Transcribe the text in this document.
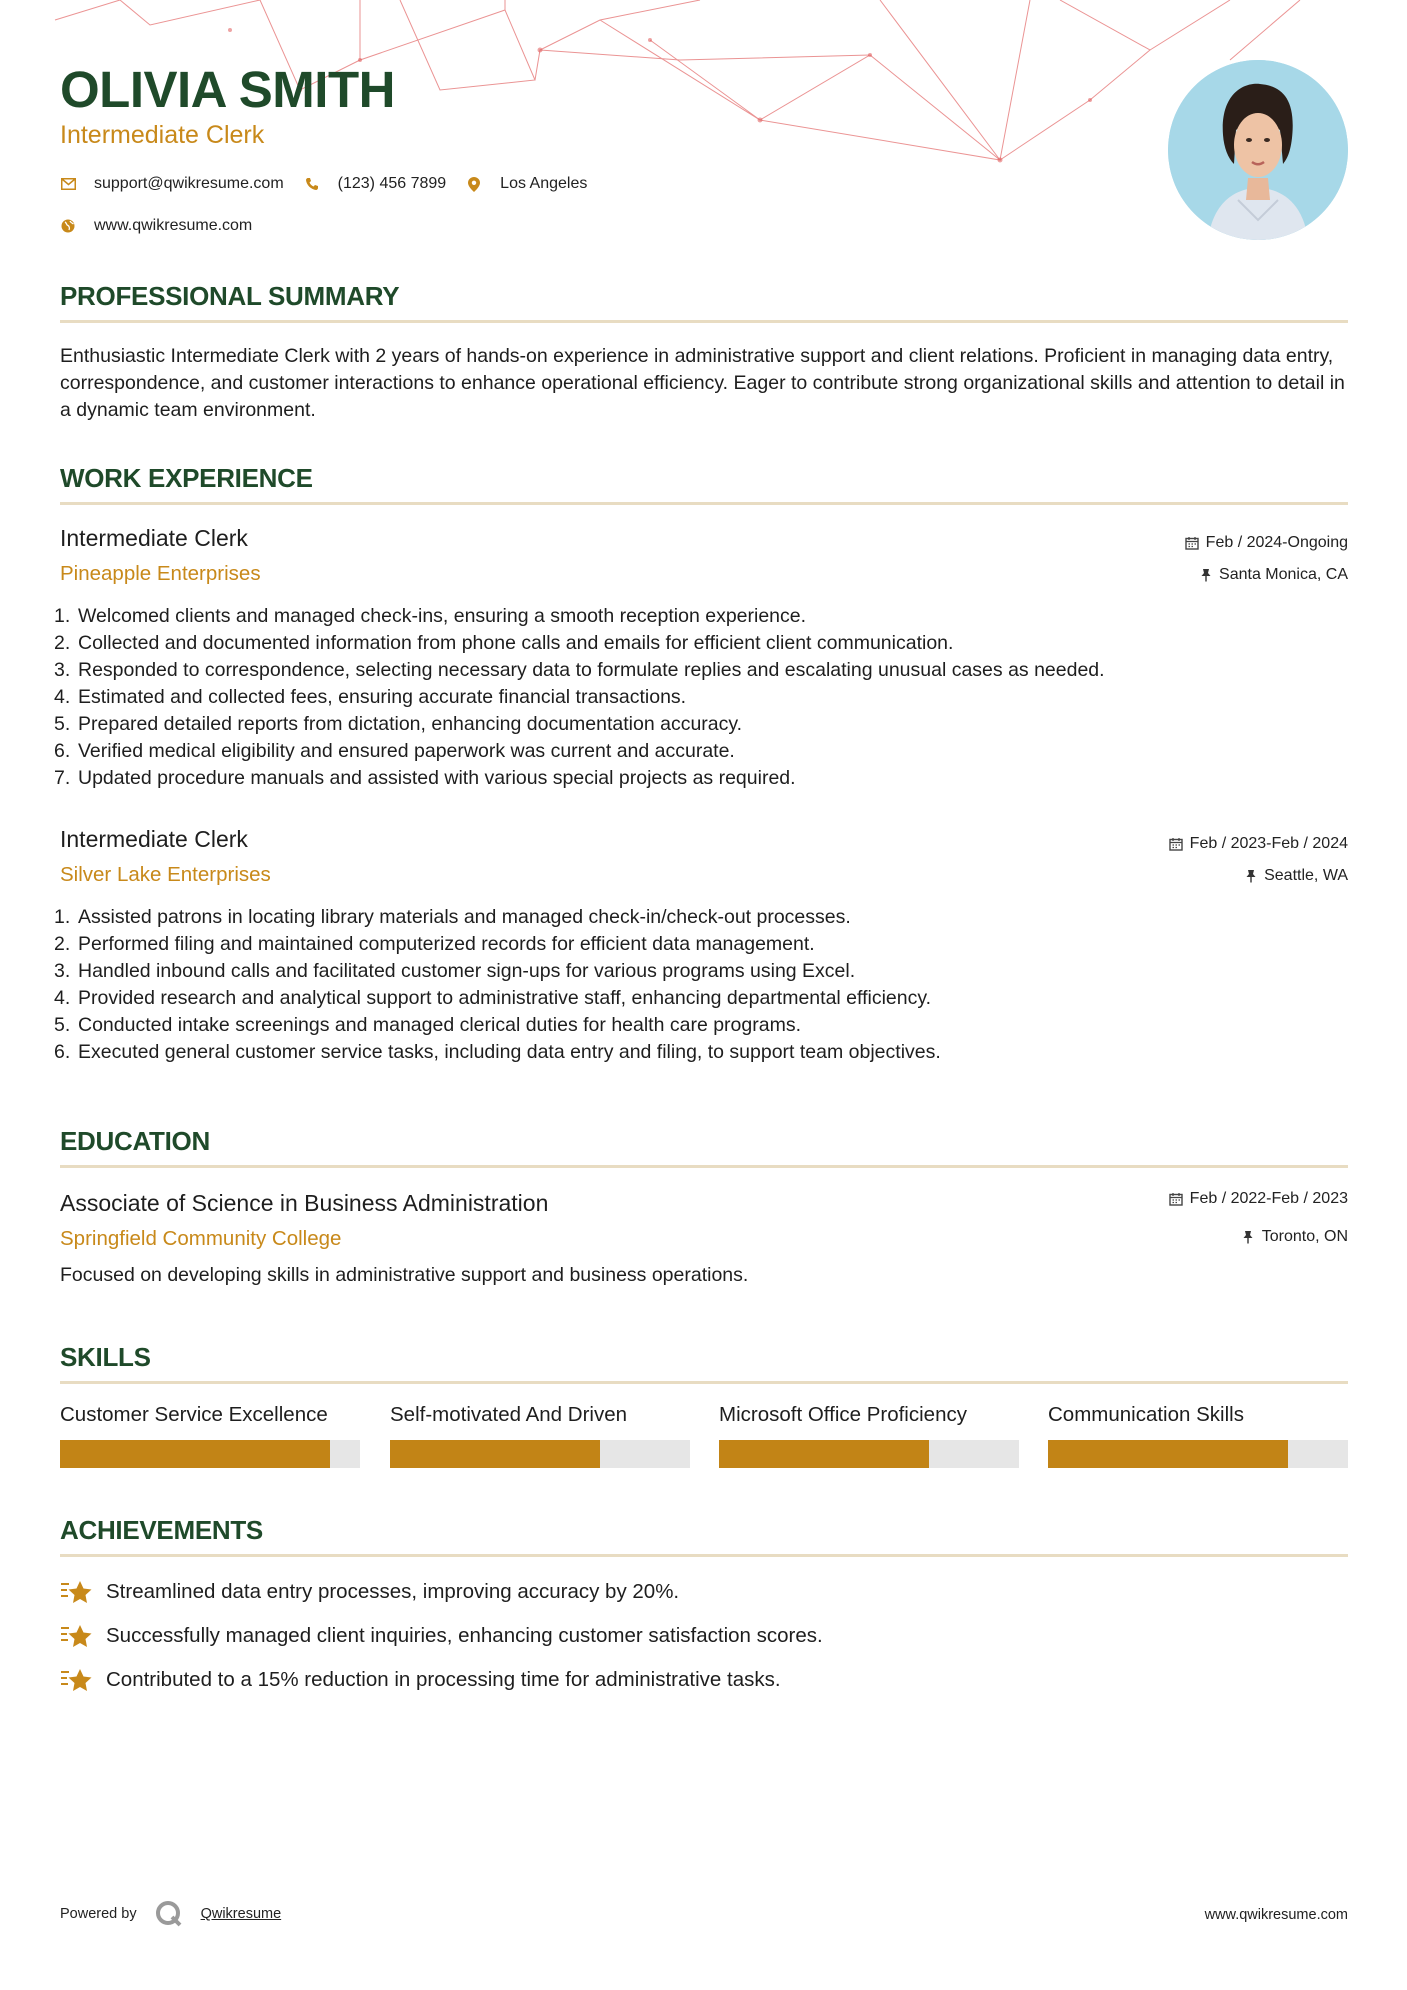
OLIVIA SMITH
Intermediate Clerk
support@qwikresume.com	(123) 456 7899	Los Angeles
www.qwikresume.com
PROFESSIONAL SUMMARY

Enthusiastic Intermediate Clerk with 2 years of hands-on experience in administrative support and client relations. Proficient in managing data entry, correspondence, and customer interactions to enhance operational efficiency. Eager to contribute strong organizational skills and attention to detail in a dynamic team environment.

WORK EXPERIENCE
Intermediate Clerk
Pineapple Enterprises
Feb / 2024-Ongoing
Santa Monica, CA
1. Welcomed clients and managed check-ins, ensuring a smooth reception experience.
2. Collected and documented information from phone calls and emails for efficient client communication.
3. Responded to correspondence, selecting necessary data to formulate replies and escalating unusual cases as needed.
4. Estimated and collected fees, ensuring accurate financial transactions.
5. Prepared detailed reports from dictation, enhancing documentation accuracy.
6. Verified medical eligibility and ensured paperwork was current and accurate.
7. Updated procedure manuals and assisted with various special projects as required.
Intermediate Clerk
Silver Lake Enterprises
Feb / 2023-Feb / 2024
Seattle, WA
1. Assisted patrons in locating library materials and managed check-in/check-out processes.
2. Performed filing and maintained computerized records for efficient data management.
3. Handled inbound calls and facilitated customer sign-ups for various programs using Excel.
4. Provided research and analytical support to administrative staff, enhancing departmental efficiency.
5. Conducted intake screenings and managed clerical duties for health care programs.
6. Executed general customer service tasks, including data entry and filing, to support team objectives.
EDUCATION
Associate of Science in Business Administration
Springfield Community College
Feb / 2022-Feb / 2023
Toronto, ON

Focused on developing skills in administrative support and business operations.

SKILLS
Customer Service Excellence	Self-motivated And Driven	Microsoft Office Proficiency	Communication Skills
ACHIEVEMENTS
Streamlined data entry processes, improving accuracy by 20%.
Successfully managed client inquiries, enhancing customer satisfaction scores.
Contributed to a 15% reduction in processing time for administrative tasks.
Powered by	Qwikresume	www.qwikresume.com
